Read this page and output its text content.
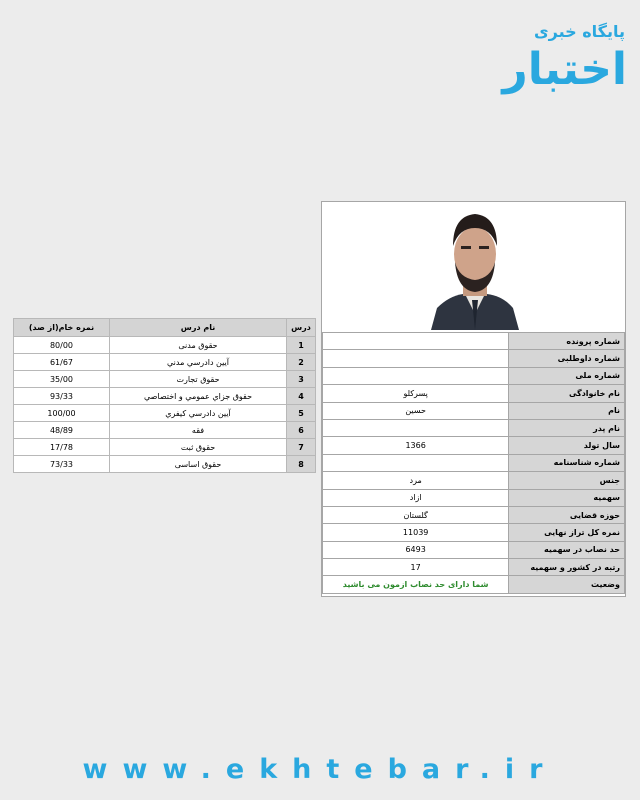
پایگاه خبری
اختبار
(نمره خام(از صد	نام درس	درس
80/00	حقوق مدنی	1
61/67	آيين دادرسي مدني	2
35/00	حقوق تجارت	3
93/33	حقوق جزاي عمومي و اختصاصي	4
100/00	آيين دادرسي كيفري	5
48/89	فقه	6
17/78	حقوق ثبت	7
73/33	حقوق اساسی	8
	شماره پرونده
	شماره داوطلبی
	شماره ملی
پسرکلو	نام خانوادگی
حسین	نام
	نام پدر
1366	سال تولد
	شماره شناسنامه
مرد	جنس
ازاد	سهمیه
گلستان	حوزه قضایی
11039	نمره کل تراز نهایی
6493	حد نصاب در سهمیه
17	رتبه در کشور و سهمیه
شما دارای حد نصاب ازمون می باشید	وضعیت
www.ekhtebar.ir
